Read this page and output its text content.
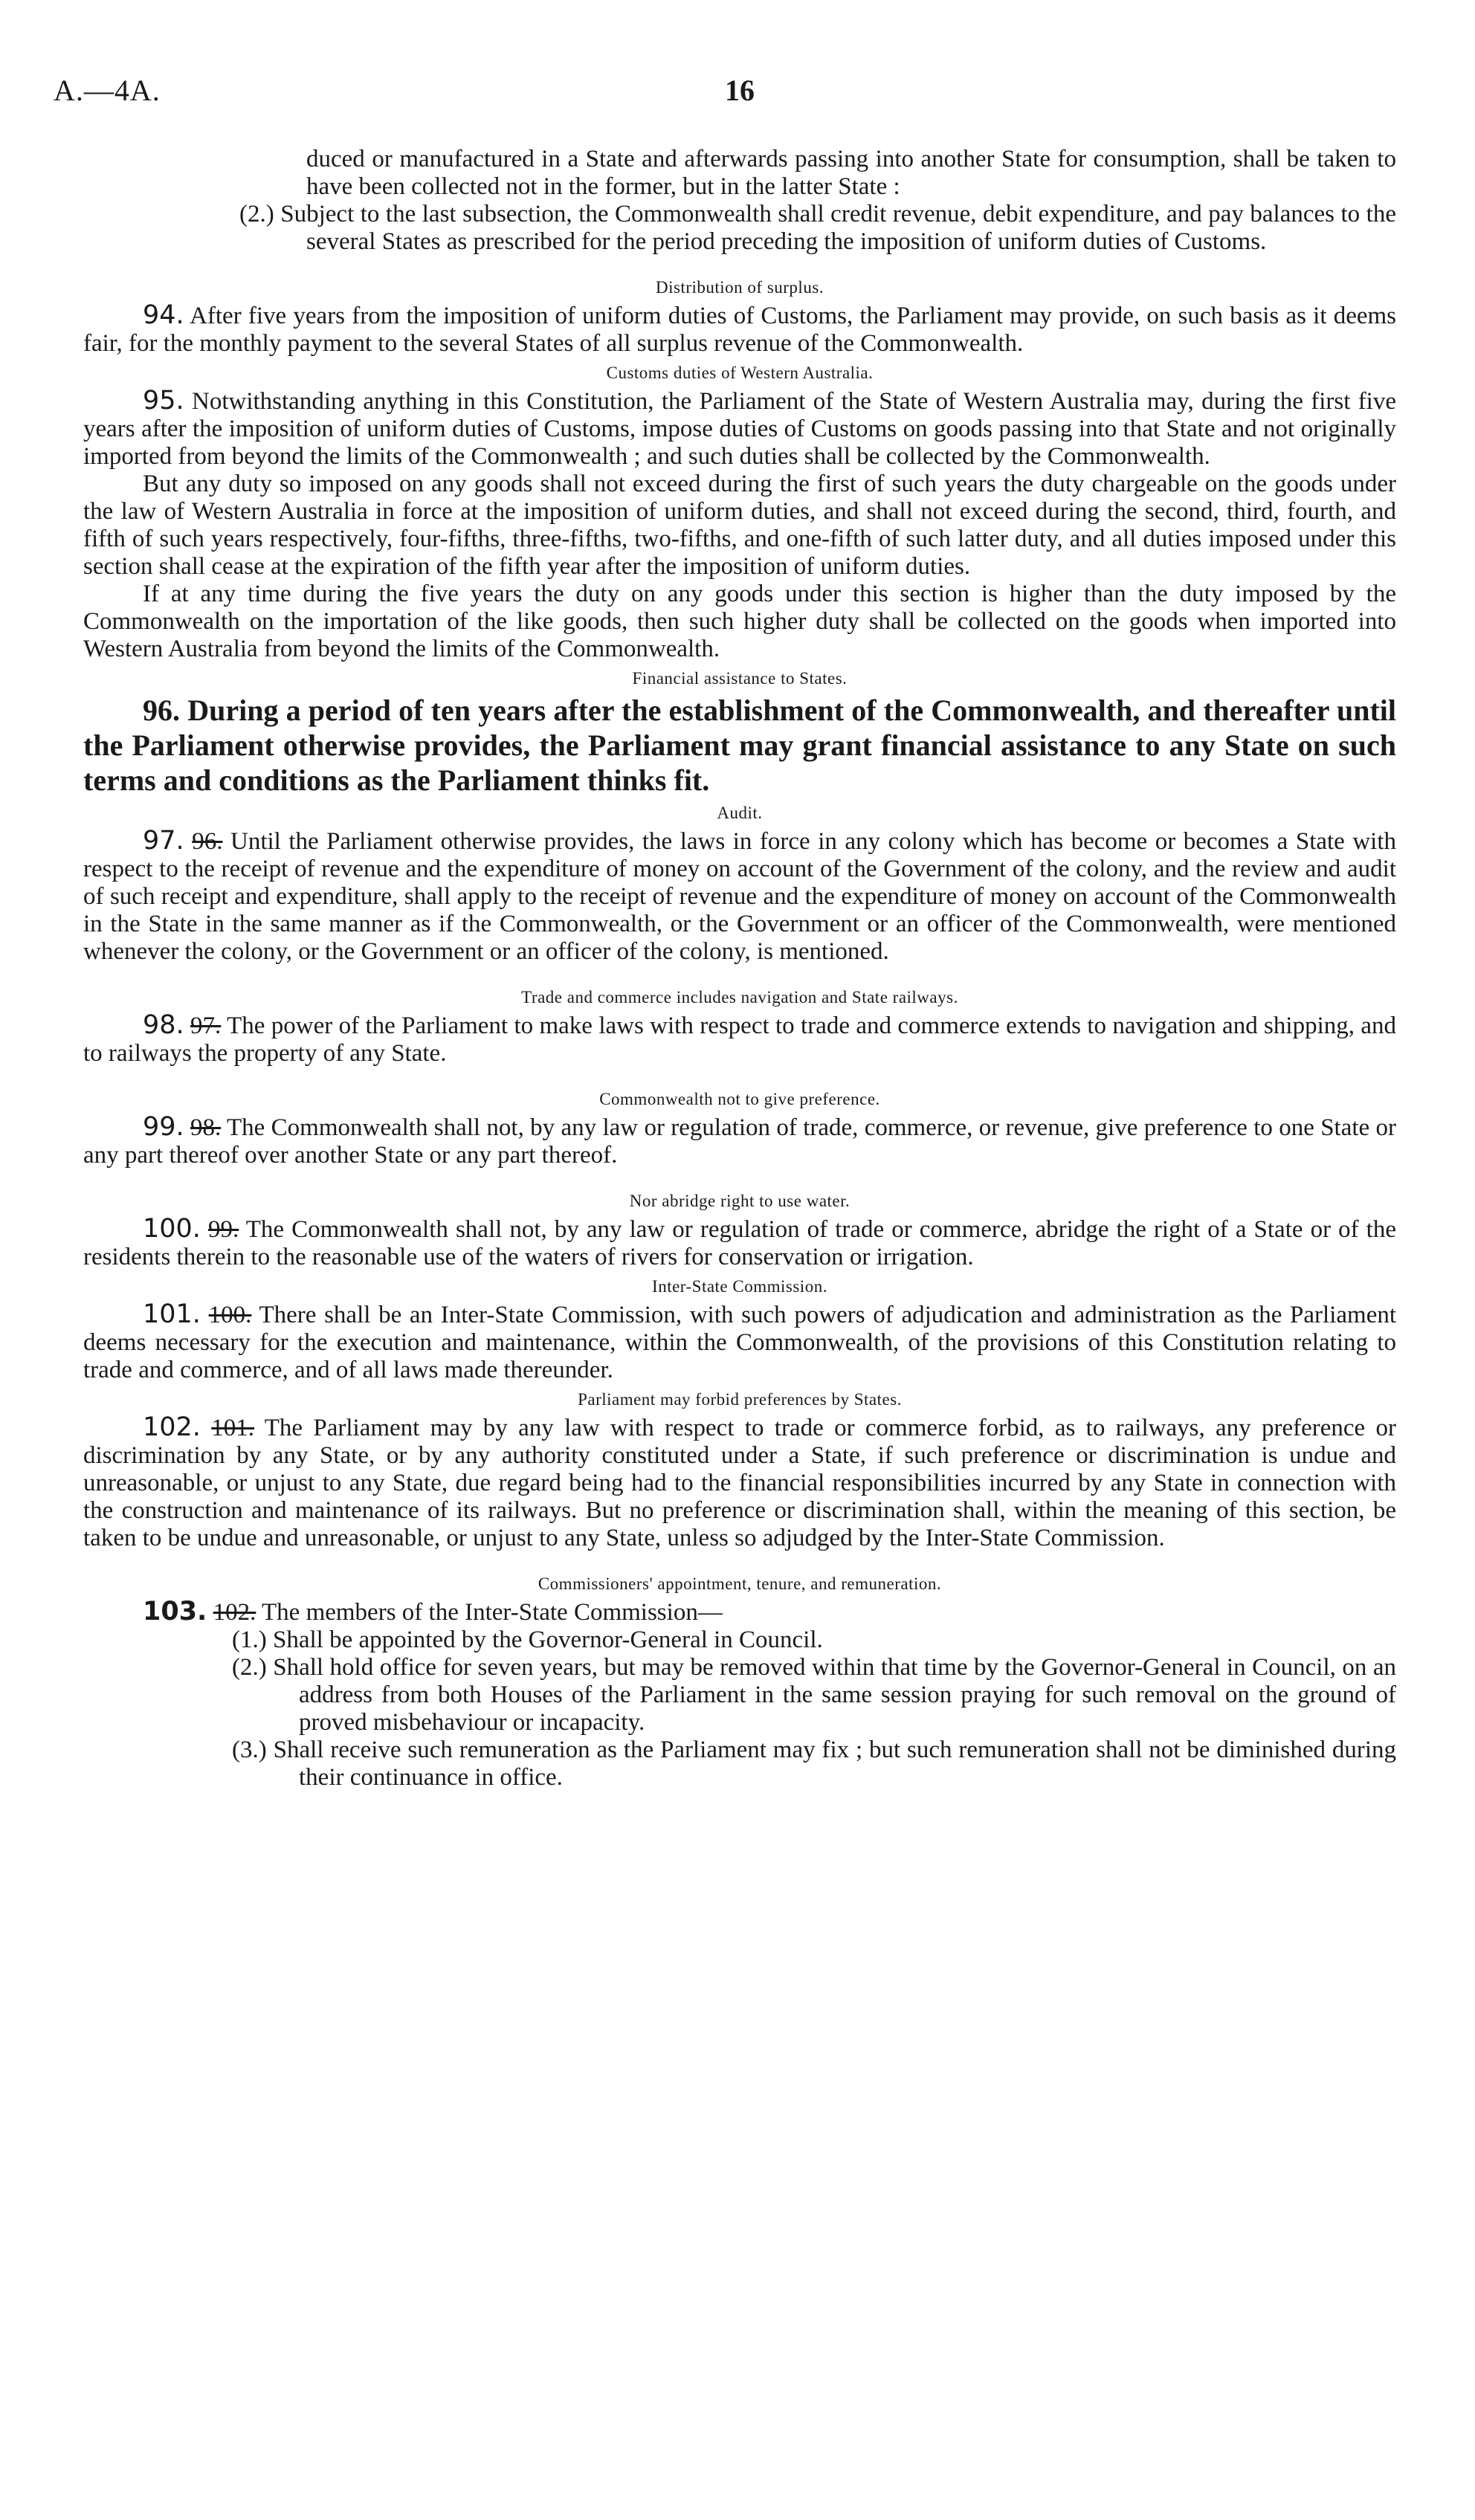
A.—4A.	16

duced or manufactured in a State and afterwards passing into another State for consumption, shall be taken to have been collected not in the former, but in the latter State :

(2.) Subject to the last subsection, the Commonwealth shall credit revenue, debit expenditure, and pay balances to the several States as prescribed for the period preceding the imposition of uniform duties of Customs.

Distribution of surplus.

94. After five years from the imposition of uniform duties of Customs, the Parliament may provide, on such basis as it deems fair, for the monthly payment to the several States of all surplus revenue of the Commonwealth.

Customs duties of Western Australia.

95. Notwithstanding anything in this Constitution, the Parliament of the State of Western Australia may, during the first five years after the imposition of uniform duties of Customs, impose duties of Customs on goods passing into that State and not originally imported from beyond the limits of the Commonwealth ; and such duties shall be collected by the Commonwealth.

But any duty so imposed on any goods shall not exceed during the first of such years the duty chargeable on the goods under the law of Western Australia in force at the imposition of uniform duties, and shall not exceed during the second, third, fourth, and fifth of such years respectively, four-fifths, three-fifths, two-fifths, and one-fifth of such latter duty, and all duties imposed under this section shall cease at the expiration of the fifth year after the imposition of uniform duties.

If at any time during the five years the duty on any goods under this section is higher than the duty imposed by the Commonwealth on the importation of the like goods, then such higher duty shall be collected on the goods when imported into Western Australia from beyond the limits of the Commonwealth.

Financial assistance to States.

96. During a period of ten years after the establishment of the Commonwealth, and thereafter until the Parliament otherwise provides, the Parliament may grant financial assistance to any State on such terms and conditions as the Parliament thinks fit.

Audit.

97. 96. Until the Parliament otherwise provides, the laws in force in any colony which has become or becomes a State with respect to the receipt of revenue and the expenditure of money on account of the Government of the colony, and the review and audit of such receipt and expenditure, shall apply to the receipt of revenue and the expenditure of money on account of the Commonwealth in the State in the same manner as if the Commonwealth, or the Government or an officer of the Commonwealth, were mentioned whenever the colony, or the Government or an officer of the colony, is mentioned.

Trade and commerce includes navigation and State railways.

98. 97. The power of the Parliament to make laws with respect to trade and commerce extends to navigation and shipping, and to railways the property of any State.

Commonwealth not to give preference.

99. 98. The Commonwealth shall not, by any law or regulation of trade, commerce, or revenue, give preference to one State or any part thereof over another State or any part thereof.

Nor abridge right to use water.

100. 99. The Commonwealth shall not, by any law or regulation of trade or commerce, abridge the right of a State or of the residents therein to the reasonable use of the waters of rivers for conservation or irrigation.

Inter-State Commission.

101. 100. There shall be an Inter-State Commission, with such powers of adjudication and administration as the Parliament deems necessary for the execution and maintenance, within the Commonwealth, of the provisions of this Constitution relating to trade and commerce, and of all laws made thereunder.

Parliament may forbid preferences by States.

102. 101. The Parliament may by any law with respect to trade or commerce forbid, as to railways, any preference or discrimination by any State, or by any authority constituted under a State, if such preference or discrimination is undue and unreasonable, or unjust to any State, due regard being had to the financial responsibilities incurred by any State in connection with the construction and maintenance of its railways. But no preference or discrimination shall, within the meaning of this section, be taken to be undue and unreasonable, or unjust to any State, unless so adjudged by the Inter-State Commission.

Commissioners' appointment, tenure, and remuneration.

103. 102. The members of the Inter-State Commission—

(1.) Shall be appointed by the Governor-General in Council.

(2.) Shall hold office for seven years, but may be removed within that time by the Governor-General in Council, on an address from both Houses of the Parliament in the same session praying for such removal on the ground of proved misbehaviour or incapacity.

(3.) Shall receive such remuneration as the Parliament may fix ; but such remuneration shall not be diminished during their continuance in office.
